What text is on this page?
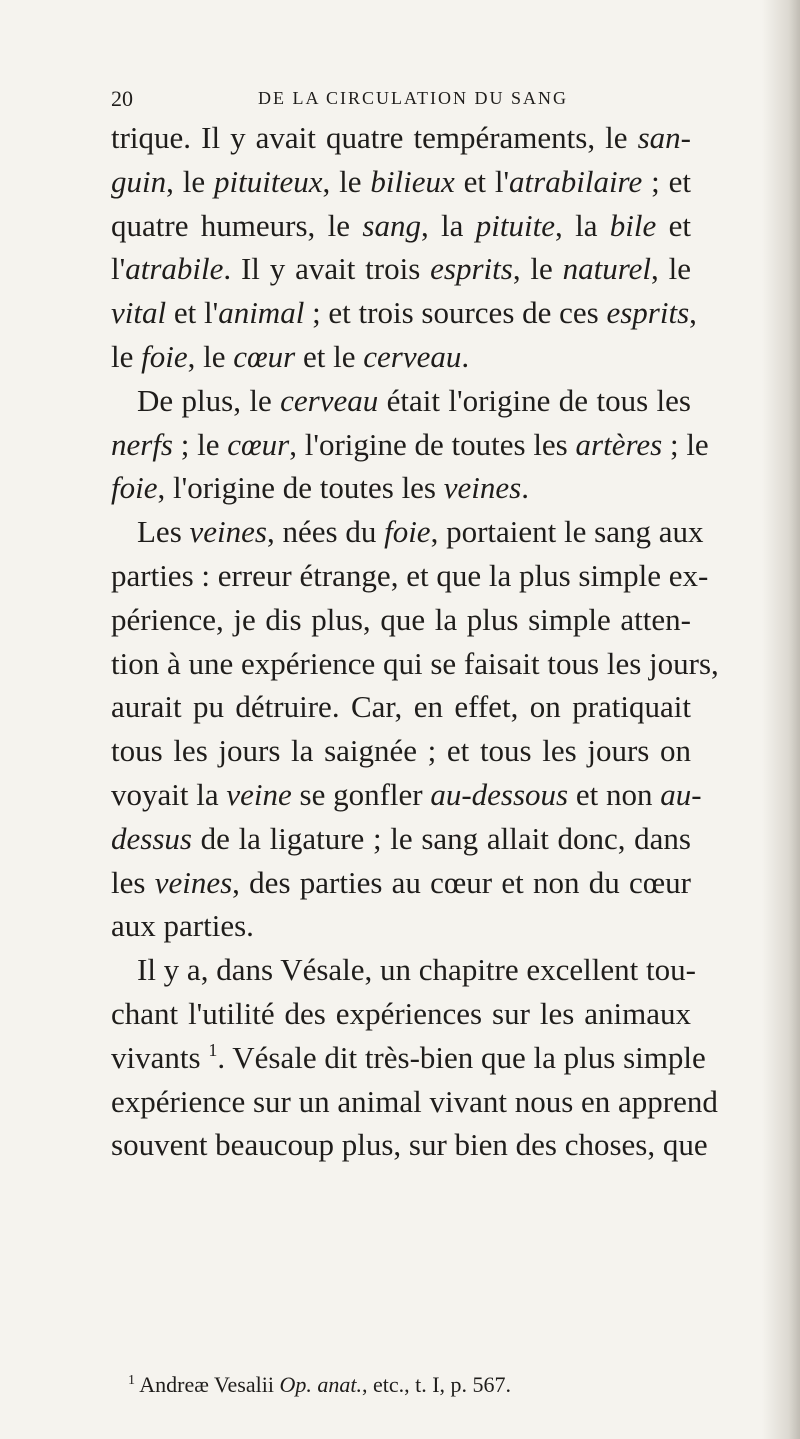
20	DE LA CIRCULATION DU SANG
trique. Il y avait quatre tempéraments, le san-
guin, le pituiteux, le bilieux et l'atrabilaire ; et
quatre humeurs, le sang, la pituite, la bile et
l'atrabile. Il y avait trois esprits, le naturel, le
vital et l'animal ; et trois sources de ces esprits,
le foie, le cœur et le cerveau.
De plus, le cerveau était l'origine de tous les
nerfs ; le cœur, l'origine de toutes les artères ; le
foie, l'origine de toutes les veines.
Les veines, nées du foie, portaient le sang aux
parties : erreur étrange, et que la plus simple ex-
périence, je dis plus, que la plus simple atten-
tion à une expérience qui se faisait tous les jours,
aurait pu détruire. Car, en effet, on pratiquait
tous les jours la saignée ; et tous les jours on
voyait la veine se gonfler au-dessous et non au-
dessus de la ligature ; le sang allait donc, dans
les veines, des parties au cœur et non du cœur
aux parties.
Il y a, dans Vésale, un chapitre excellent tou-
chant l'utilité des expériences sur les animaux
vivants $^1$. Vésale dit très-bien que la plus simple
expérience sur un animal vivant nous en apprend
souvent beaucoup plus, sur bien des choses, que
$^1$ Andreæ Vesalii Op. anat., etc., t. I, p. 567.
